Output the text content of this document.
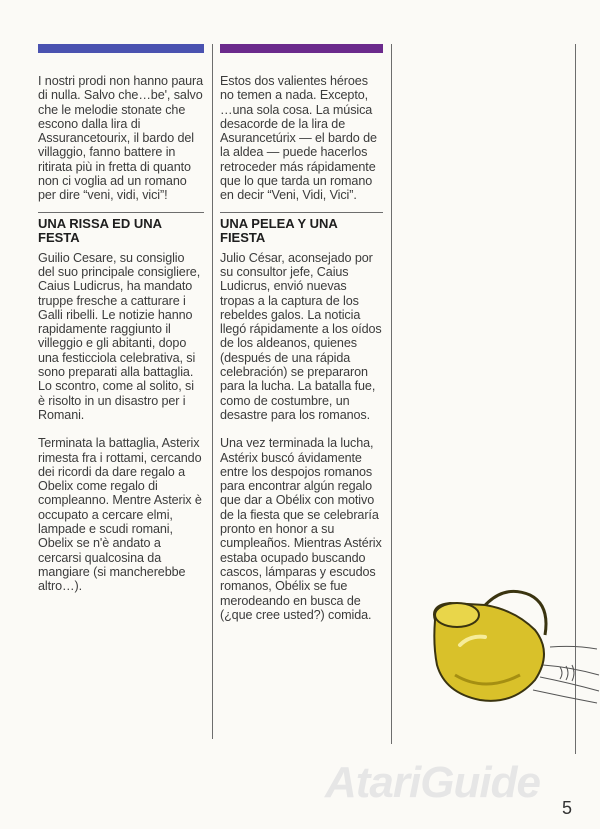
I nostri prodi non hanno paura di nulla. Salvo che…be', salvo che le melodie stonate che escono dalla lira di Assurancetourix, il bardo del villaggio, fanno battere in ritirata più in fretta di quanto non ci voglia ad un romano per dire “veni, vidi, vici”!

UNA RISSA ED UNA FESTA

Guilio Cesare, su consiglio del suo principale consigliere, Caius Ludicrus, ha mandato truppe fresche a catturare i Galli ribelli. Le notizie hanno rapidamente raggiunto il villeggio e gli abitanti, dopo una festicciola celebrativa, si sono preparati alla battaglia. Lo scontro, come al solito, si è risolto in un disastro per i Romani.

Terminata la battaglia, Asterix rimesta fra i rottami, cercando dei ricordi da dare regalo a Obelix come regalo di compleanno. Mentre Asterix è occupato a cercare elmi, lampade e scudi romani, Obelix se n'è andato a cercarsi qualcosina da mangiare (si mancherebbe altro…).

Estos dos valientes héroes no temen a nada. Excepto, …una sola cosa. La música desacorde de la lira de Asurancetúrix — el bardo de la aldea — puede hacerlos retroceder más rápidamente que lo que tarda un romano en decir “Veni, Vidi, Vici”.

UNA PELEA Y UNA FIESTA

Julio César, aconsejado por su consultor jefe, Caius Ludicrus, envió nuevas tropas a la captura de los rebeldes galos. La noticia llegó rápidamente a los oídos de los aldeanos, quienes (después de una rápida celebración) se prepararon para la lucha. La batalla fue, como de costumbre, un desastre para los romanos.

Una vez terminada la lucha, Astérix buscó ávidamente entre los despojos romanos para encontrar algún regalo que dar a Obélix con motivo de la fiesta que se celebraría pronto en honor a su cumpleaños. Mientras Astérix estaba ocupado buscando cascos, lámparas y escudos romanos, Obélix se fue merodeando en busca de (¿que cree usted?) comida.

AtariGuide
5
